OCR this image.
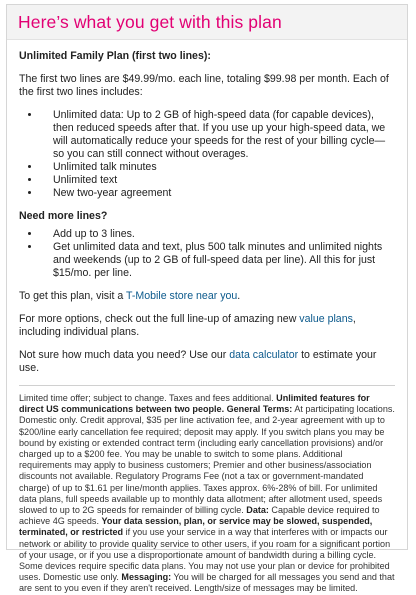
Here’s what you get with this plan

Unlimited Family Plan (first two lines):

The first two lines are $49.99/mo. each line, totaling $99.98 per month. Each of the first two lines includes:

• Unlimited data: Up to 2 GB of high-speed data (for capable devices), then reduced speeds after that. If you use up your high-speed data, we will automatically reduce your speeds for the rest of your billing cycle—so you can still connect without overages.
• Unlimited talk minutes
• Unlimited text
• New two-year agreement

Need more lines?

• Add up to 3 lines.
• Get unlimited data and text, plus 500 talk minutes and unlimited nights and weekends (up to 2 GB of full-speed data per line). All this for just $15/mo. per line.

To get this plan, visit a T-Mobile store near you.

For more options, check out the full line-up of amazing new value plans, including individual plans.

Not sure how much data you need? Use our data calculator to estimate your use.

Limited time offer; subject to change. Taxes and fees additional. Unlimited features for direct US communications between two people. General Terms: At participating locations. Domestic only. Credit approval, $35 per line activation fee, and 2-year agreement with up to $200/line early cancellation fee required; deposit may apply. If you switch plans you may be bound by existing or extended contract term (including early cancellation provisions) and/or charged up to a $200 fee. You may be unable to switch to some plans. Additional requirements may apply to business customers; Premier and other business/association discounts not available. Regulatory Programs Fee (not a tax or government-mandated charge) of up to $1.61 per line/month applies. Taxes approx. 6%-28% of bill. For unlimited data plans, full speeds available up to monthly data allotment; after allotment used, speeds slowed to up to 2G speeds for remainder of billing cycle. Data: Capable device required to achieve 4G speeds. Your data session, plan, or service may be slowed, suspended, terminated, or restricted if you use your service in a way that interferes with or impacts our network or ability to provide quality service to other users, if you roam for a significant portion of your usage, or if you use a disproportionate amount of bandwidth during a billing cycle. Some devices require specific data plans. You may not use your plan or device for prohibited uses. Domestic use only. Messaging: You will be charged for all messages you send and that are sent to you even if they aren't received. Length/size of messages may be limited.
